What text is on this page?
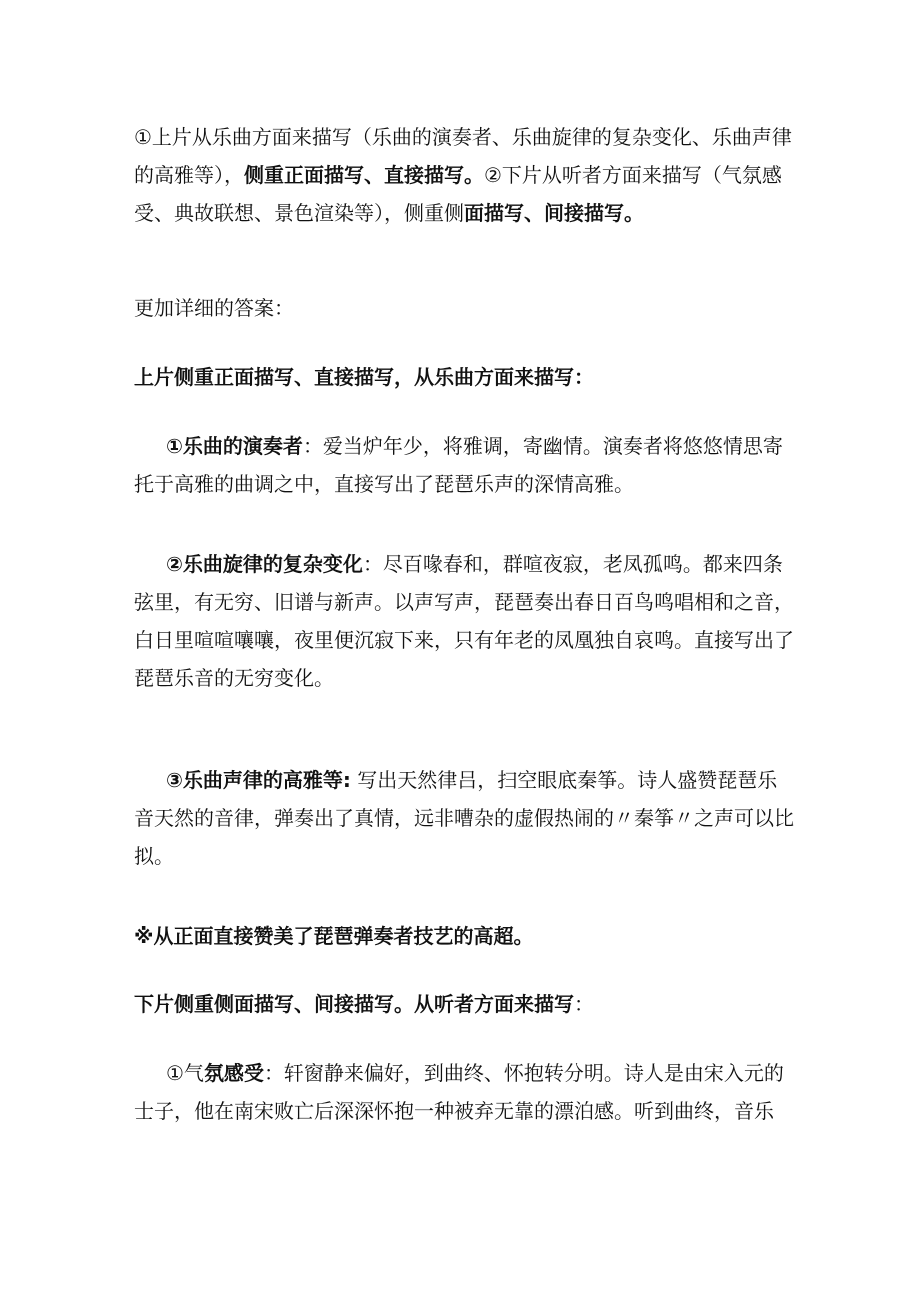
①上片从乐曲方面来描写（乐曲的演奏者、乐曲旋律的复杂变化、乐曲声律的高雅等），侧重正面描写、直接描写。②下片从听者方面来描写（气氛感受、典故联想、景色渲染等），侧重侧面描写、间接描写。

更加详细的答案：

上片侧重正面描写、直接描写，从乐曲方面来描写：

①乐曲的演奏者：爱当炉年少，将雅调，寄幽情。演奏者将悠悠情思寄托于高雅的曲调之中，直接写出了琵琶乐声的深情高雅。

②乐曲旋律的复杂变化：尽百喙春和，群喧夜寂，老凤孤鸣。都来四条弦里，有无穷、旧谱与新声。以声写声，琵琶奏出春日百鸟鸣唱相和之音，白日里喧喧嚷嚷，夜里便沉寂下来，只有年老的凤凰独自哀鸣。直接写出了琵琶乐音的无穷变化。

③乐曲声律的高雅等: 写出天然律吕，扫空眼底秦筝。诗人盛赞琵琶乐音天然的音律，弹奏出了真情，远非嘈杂的虚假热闹的〃秦筝〃之声可以比拟。

※从正面直接赞美了琵琶弹奏者技艺的高超。

下片侧重侧面描写、间接描写。从听者方面来描写：

①气氛感受：轩窗静来偏好，到曲终、怀抱转分明。诗人是由宋入元的士子，他在南宋败亡后深深怀抱一种被弃无靠的漂泊感。听到曲终，音乐
